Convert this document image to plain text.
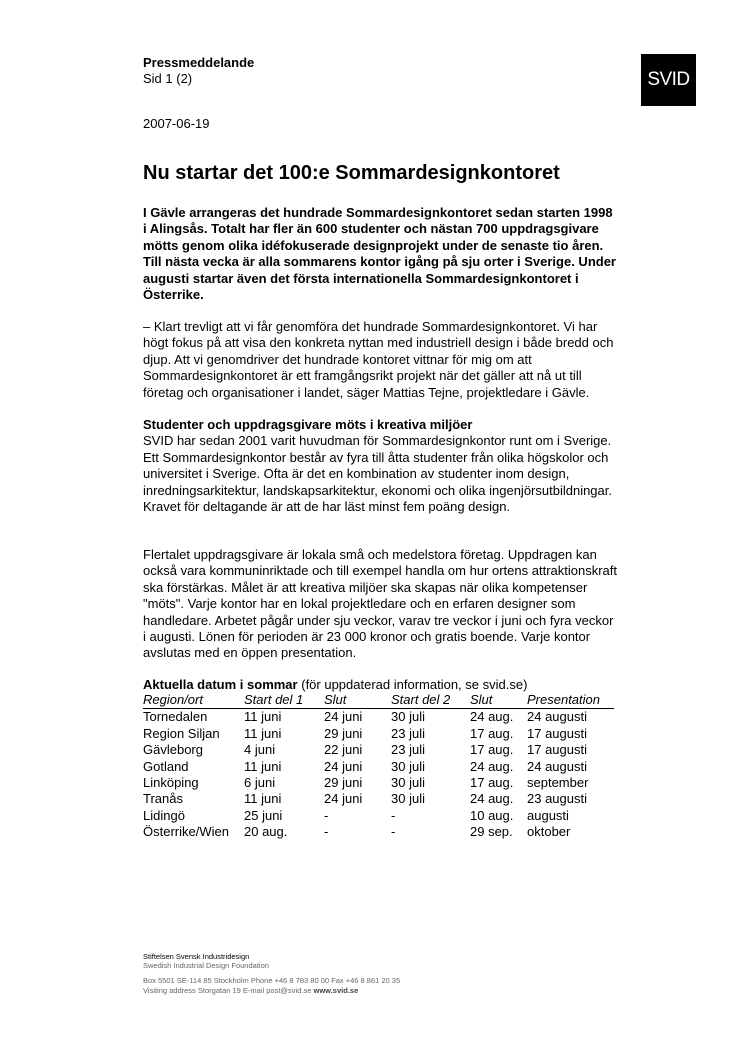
Pressmeddelande
Sid 1 (2)
2007-06-19
SVID
Nu startar det 100:e Sommardesignkontoret

I Gävle arrangeras det hundrade Sommardesignkontoret sedan starten 1998 i Alingsås. Totalt har fler än 600 studenter och nästan 700 uppdragsgivare mötts genom olika idéfokuserade designprojekt under de senaste tio åren. Till nästa vecka är alla sommarens kontor igång på sju orter i Sverige. Under augusti startar även det första internationella Sommardesignkontoret i Österrike.

– Klart trevligt att vi får genomföra det hundrade Sommardesignkontoret. Vi har högt fokus på att visa den konkreta nyttan med industriell design i både bredd och djup. Att vi genomdriver det hundrade kontoret vittnar för mig om att Sommardesignkontoret är ett framgångsrikt projekt när det gäller att nå ut till företag och organisationer i landet, säger Mattias Tejne, projektledare i Gävle.

Studenter och uppdragsgivare möts i kreativa miljöer
SVID har sedan 2001 varit huvudman för Sommardesignkontor runt om i Sverige. Ett Sommardesignkontor består av fyra till åtta studenter från olika högskolor och universitet i Sverige. Ofta är det en kombination av studenter inom design, inredningsarkitektur, landskapsarkitektur, ekonomi och olika ingenjörsutbildningar. Kravet för deltagande är att de har läst minst fem poäng design.

Flertalet uppdragsgivare är lokala små och medelstora företag. Uppdragen kan också vara kommuninriktade och till exempel handla om hur ortens attraktionskraft ska förstärkas. Målet är att kreativa miljöer ska skapas när olika kompetenser "möts". Varje kontor har en lokal projektledare och en erfaren designer som handledare. Arbetet pågår under sju veckor, varav tre veckor i juni och fyra veckor i augusti. Lönen för perioden är 23 000 kronor och gratis boende. Varje kontor avslutas med en öppen presentation.

Aktuella datum i sommar (för uppdaterad information, se svid.se)
Region/ort	Start del 1	Slut	Start del 2	Slut	Presentation
Tornedalen	11 juni	24 juni	30 juli	24 aug.	24 augusti
Region Siljan	11 juni	29 juni	23 juli	17 aug.	17 augusti
Gävleborg	4 juni	22 juni	23 juli	17 aug.	17 augusti
Gotland	11 juni	24 juni	30 juli	24 aug.	24 augusti
Linköping	6 juni	29 juni	30 juli	17 aug.	september
Tranås	11 juni	24 juni	30 juli	24 aug.	23 augusti
Lidingö	25 juni	-	-	10 aug.	augusti
Österrike/Wien	20 aug.	-	-	29 sep.	oktober
Stiftelsen Svensk Industridesign
Swedish Industrial Design Foundation
Box 5501 SE-114 85 Stockholm Phone +46 8 783 80 00 Fax +46 8 861 20 35
Visiting address Storgatan 19 E-mail post@svid.se www.svid.se
